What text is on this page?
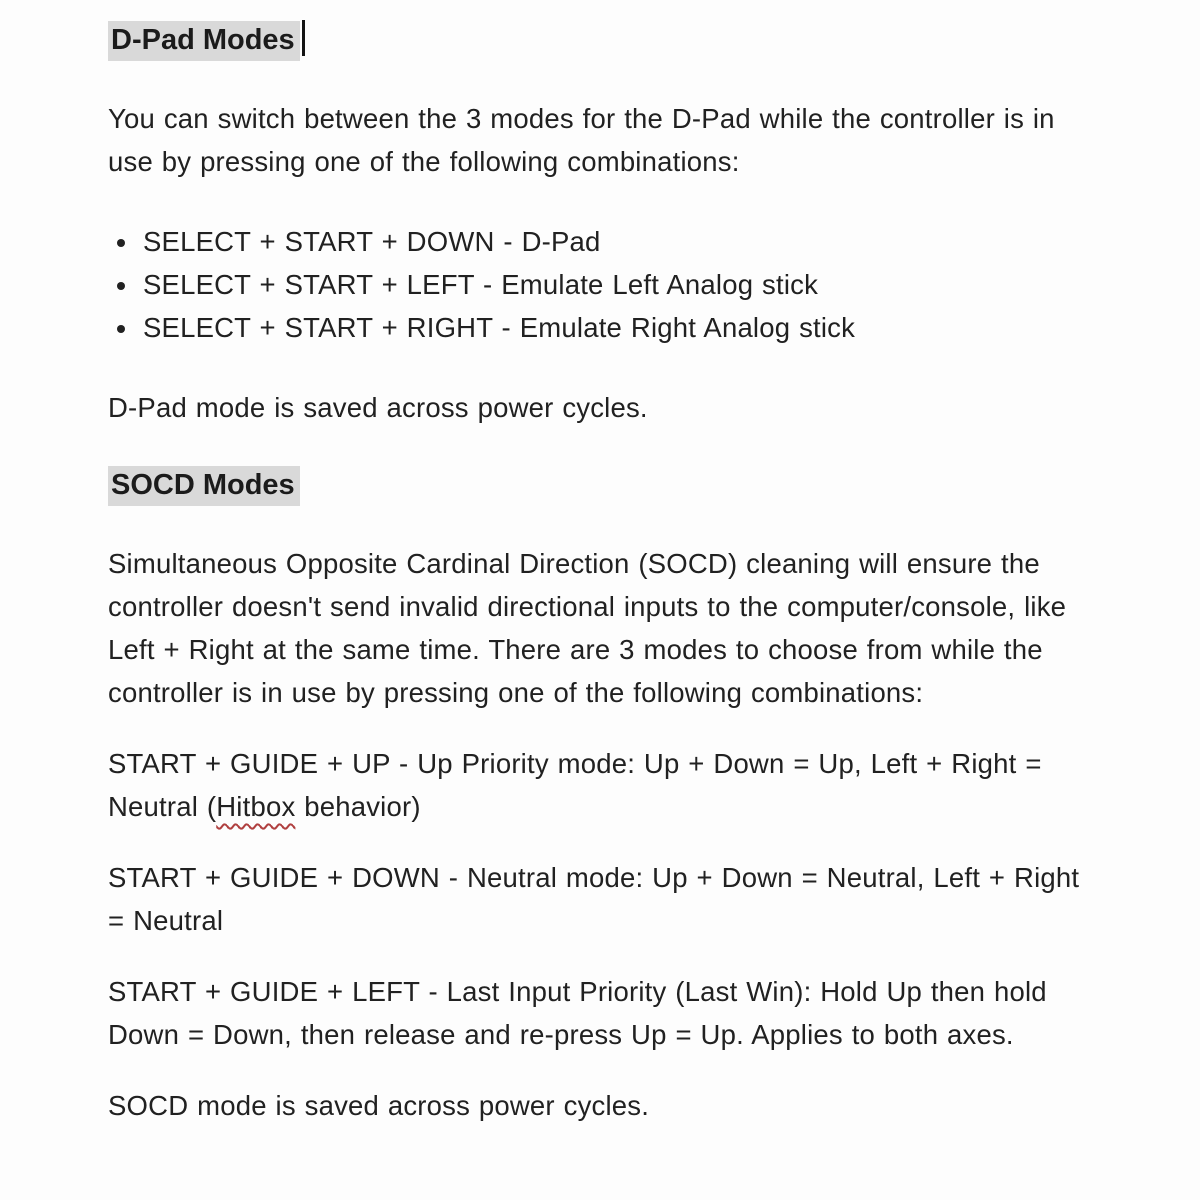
D-Pad Modes

You can switch between the 3 modes for the D-Pad while the controller is in use by pressing one of the following combinations:

• SELECT + START + DOWN - D-Pad
• SELECT + START + LEFT - Emulate Left Analog stick
• SELECT + START + RIGHT - Emulate Right Analog stick

D-Pad mode is saved across power cycles.

SOCD Modes

Simultaneous Opposite Cardinal Direction (SOCD) cleaning will ensure the controller doesn't send invalid directional inputs to the computer/console, like Left + Right at the same time. There are 3 modes to choose from while the controller is in use by pressing one of the following combinations:

START + GUIDE + UP - Up Priority mode: Up + Down = Up, Left + Right = Neutral (Hitbox behavior)

START + GUIDE + DOWN - Neutral mode: Up + Down = Neutral, Left + Right = Neutral

START + GUIDE + LEFT - Last Input Priority (Last Win): Hold Up then hold Down = Down, then release and re-press Up = Up. Applies to both axes.

SOCD mode is saved across power cycles.
